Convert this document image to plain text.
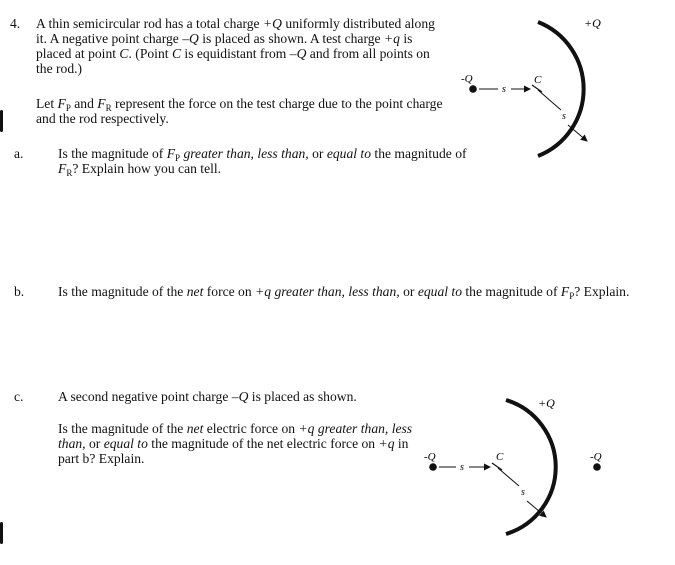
4. A thin semicircular rod has a total charge +Q uniformly distributed along it. A negative point charge –Q is placed as shown. A test charge +q is placed at point C. (Point C is equidistant from –Q and from all points on the rod.)
Let $F_P$ and $F_R$ represent the force on the test charge due to the point charge and the rod respectively.
a.	Is the magnitude of $F_P$ greater than, less than, or equal to the magnitude of $F_R$? Explain how you can tell.
b. Is the magnitude of the net force on +q greater than, less than, or equal to the magnitude of $F_P$? Explain.
c.	A second negative point charge –Q is placed as shown.
Is the magnitude of the net electric force on +q greater than, less than, or equal to the magnitude of the net electric force on +q in part b? Explain.
+Q
-Q
s
C
s
+Q
-Q
s
C
s
-Q
